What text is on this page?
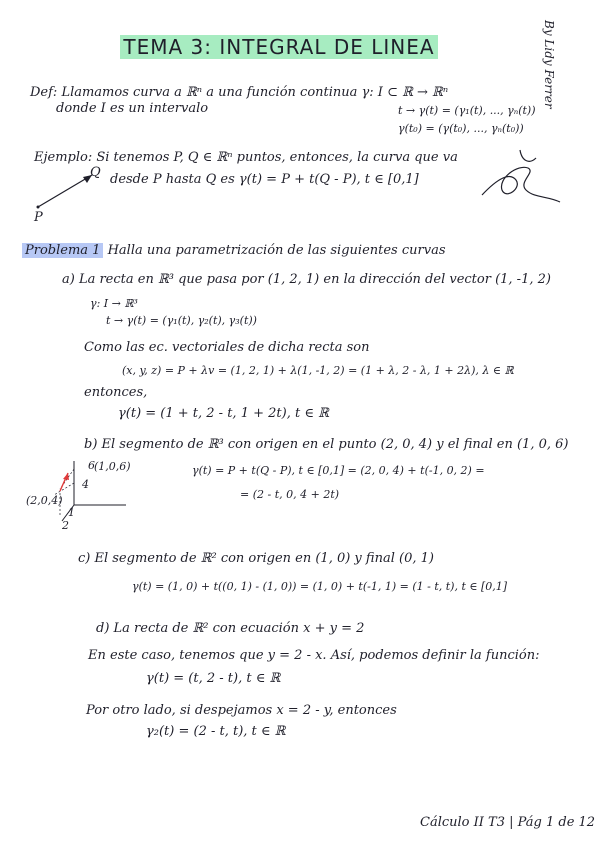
TEMA 3: INTEGRAL DE LINEA	By Lidy Ferrer
Def: Llamamos curva a ℝⁿ a una función continua γ: I ⊂ ℝ → ℝⁿ
donde I es un intervalo	t → γ(t) = (γ₁(t), ..., γₙ(t))
γ(t₀) = (γ(t₀), ..., γₙ(t₀))
Ejemplo: Si tenemos P, Q ∈ ℝⁿ puntos, entonces, la curva que va
desde P hasta Q es γ(t) = P + t(Q - P), t ∈ [0,1]
P
Q
Problema 1 Halla una parametrización de las siguientes curvas
a) La recta en ℝ³ que pasa por (1, 2, 1) en la dirección del vector (1, -1, 2)
γ: I → ℝ³
t → γ(t) = (γ₁(t), γ₂(t), γ₃(t))
Como las ec. vectoriales de dicha recta son
(x, y, z) = P + λv = (1, 2, 1) + λ(1, -1, 2) = (1 + λ, 2 - λ, 1 + 2λ), λ ∈ ℝ
entonces,
γ(t) = (1 + t, 2 - t, 1 + 2t), t ∈ ℝ
b) El segmento de ℝ³ con origen en el punto (2, 0, 4) y el final en (1, 0, 6)
γ(t) = P + t(Q - P), t ∈ [0,1] = (2, 0, 4) + t(-1, 0, 2) =
= (2 - t, 0, 4 + 2t)
6
4
1
2
(1,0,6)
(2,0,4)
c) El segmento de ℝ² con origen en (1, 0) y final (0, 1)
γ(t) = (1, 0) + t((0, 1) - (1, 0)) = (1, 0) + t(-1, 1) = (1 - t, t), t ∈ [0,1]
d) La recta de ℝ² con ecuación x + y = 2
En este caso, tenemos que y = 2 - x. Así, podemos definir la función:
γ(t) = (t, 2 - t), t ∈ ℝ
Por otro lado, si despejamos x = 2 - y, entonces
γ₂(t) = (2 - t, t), t ∈ ℝ
Cálculo II T3 | Pág 1 de 12
